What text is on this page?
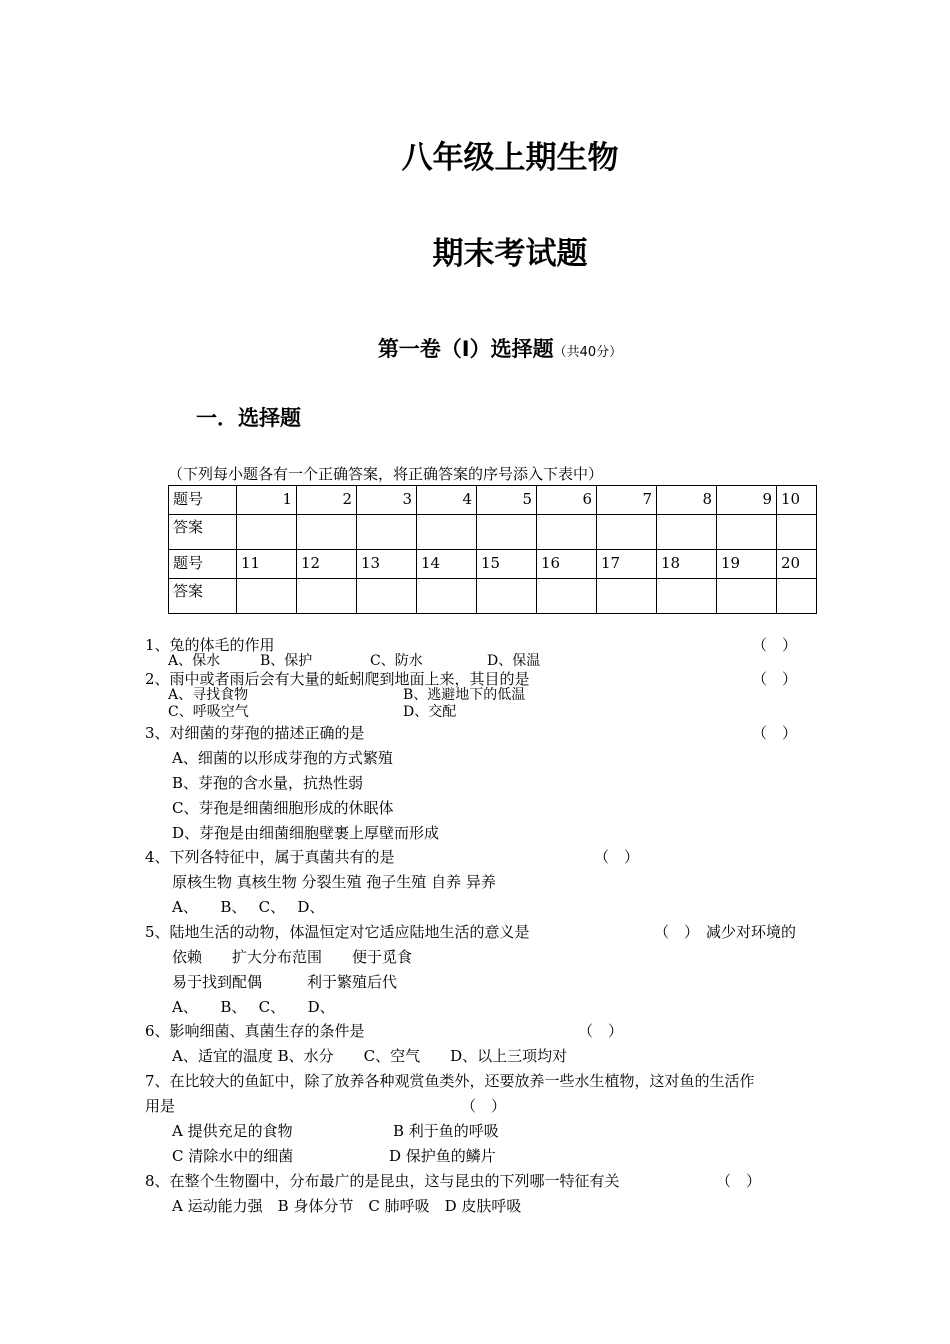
八年级上期生物
期末考试题
第一卷（I）选择题（共40分）
一．选择题
（下列每小题各有一个正确答案，将正确答案的序号添入下表中）
题号	1	2	3	4	5	6	7	8	9	10
答案										
题号	11	12	13	14	15	16	17	18	19	20
答案										
1、兔的体毛的作用	（　）
A、保水	B、保护	C、防水	D、保温
2、雨中或者雨后会有大量的蚯蚓爬到地面上来，其目的是	（　）
A、寻找食物	B、逃避地下的低温
C、呼吸空气	D、交配
3、对细菌的芽孢的描述正确的是	（　）
A、细菌的以形成芽孢的方式繁殖
B、芽孢的含水量，抗热性弱
C、芽孢是细菌细胞形成的休眠体
D、芽孢是由细菌细胞壁裹上厚壁而形成
4、下列各特征中，属于真菌共有的是	（　）
原核生物 真核生物 分裂生殖 孢子生殖 自养 异养
A、　　B、　 C、　 D、
5、陆地生活的动物，体温恒定对它适应陆地生活的意义是	（　） 减少对环境的
依赖　　扩大分布范围　　便于觅食
易于找到配偶　　　利于繁殖后代
A、　　B、　 C、　　D、
6、影响细菌、真菌生存的条件是	（　）
A、适宜的温度 B、水分　　C、空气　　D、以上三项均对
7、在比较大的鱼缸中，除了放养各种观赏鱼类外，还要放养一些水生植物，这对鱼的生活作
用是	（　）
A 提供充足的食物	B 利于鱼的呼吸
C 清除水中的细菌	D 保护鱼的鳞片
8、在整个生物圈中，分布最广的是昆虫，这与昆虫的下列哪一特征有关	（　）
A 运动能力强　B 身体分节　C 肺呼吸　D 皮肤呼吸
